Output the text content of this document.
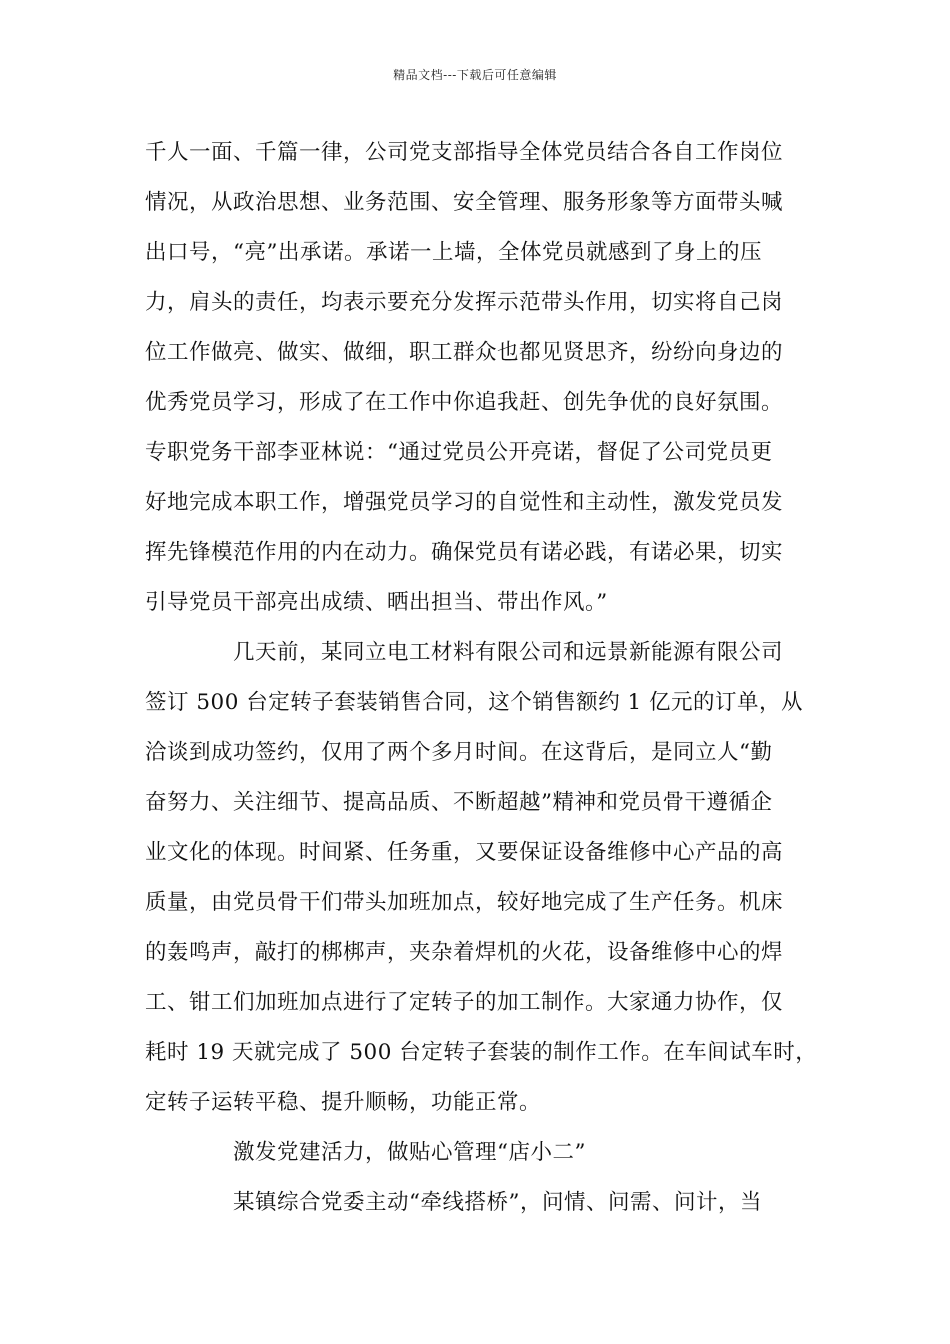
精品文档---下载后可任意编辑
千人一面、千篇一律，公司党支部指导全体党员结合各自工作岗位
情况，从政治思想、业务范围、安全管理、服务形象等方面带头喊
出口号，“亮”出承诺。承诺一上墙，全体党员就感到了身上的压
力，肩头的责任，均表示要充分发挥示范带头作用，切实将自己岗
位工作做亮、做实、做细，职工群众也都见贤思齐，纷纷向身边的
优秀党员学习，形成了在工作中你追我赶、创先争优的良好氛围。
专职党务干部李亚林说：“通过党员公开亮诺，督促了公司党员更
好地完成本职工作，增强党员学习的自觉性和主动性，激发党员发
挥先锋模范作用的内在动力。确保党员有诺必践，有诺必果，切实
引导党员干部亮出成绩、晒出担当、带出作风。”
几天前，某同立电工材料有限公司和远景新能源有限公司
签订 500 台定转子套装销售合同，这个销售额约 1 亿元的订单，从
洽谈到成功签约，仅用了两个多月时间。在这背后，是同立人“勤
奋努力、关注细节、提高品质、不断超越”精神和党员骨干遵循企
业文化的体现。时间紧、任务重，又要保证设备维修中心产品的高
质量，由党员骨干们带头加班加点，较好地完成了生产任务。机床
的轰鸣声，敲打的梆梆声，夹杂着焊机的火花，设备维修中心的焊
工、钳工们加班加点进行了定转子的加工制作。大家通力协作，仅
耗时 19 天就完成了 500 台定转子套装的制作工作。在车间试车时，
定转子运转平稳、提升顺畅，功能正常。
激发党建活力，做贴心管理“店小二”
某镇综合党委主动“牵线搭桥”，问情、问需、问计，当
